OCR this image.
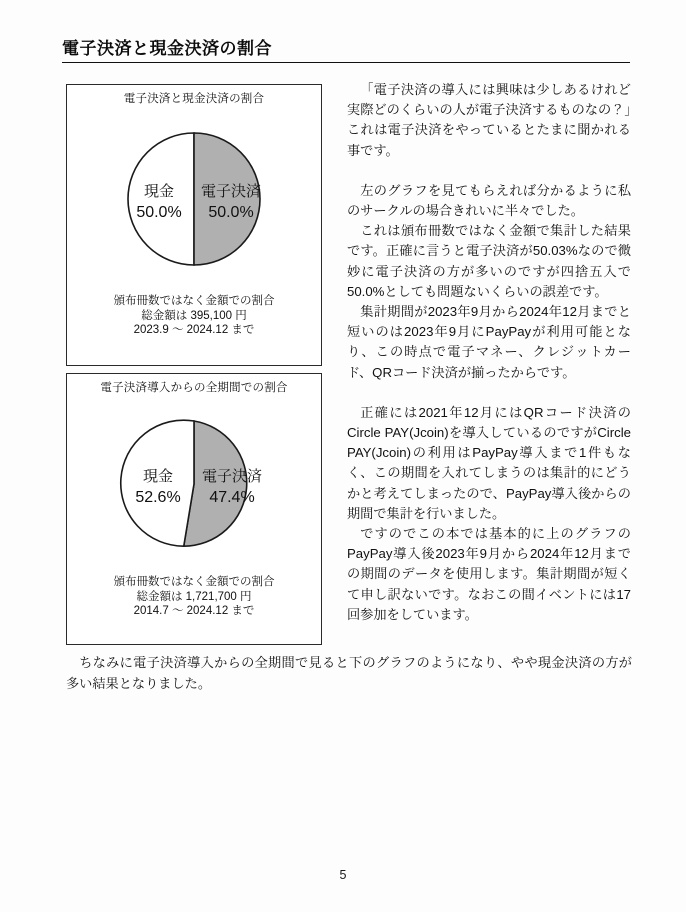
電子決済と現金決済の割合
電子決済と現金決済の割合
現金
50.0%
電子決済
50.0%
頒布冊数ではなく金額での割合
総金額は 395,100 円
2023.9 ～ 2024.12 まで
電子決済導入からの全期間での割合
現金
52.6%
電子決済
47.4%
頒布冊数ではなく金額での割合
総金額は 1,721,700 円
2014.7 ～ 2024.12 まで

「電子決済の導入には興味は少しあるけれど実際どのくらいの人が電子決済するものなの？」これは電子決済をやっているとたまに聞かれる事です。

左のグラフを見てもらえれば分かるように私のサークルの場合きれいに半々でした。

これは頒布冊数ではなく金額で集計した結果です。正確に言うと電子決済が50.03%なので微妙に電子決済の方が多いのですが四捨五入で50.0%としても問題ないくらいの誤差です。

集計期間が2023年9月から2024年12月までと短いのは2023年9月にPayPayが利用可能となり、この時点で電子マネー、クレジットカード、QRコード決済が揃ったからです。

正確には2021年12月にはQRコード決済のCircle PAY(Jcoin)を導入しているのですがCircle PAY(Jcoin)の利用はPayPay導入まで1件もなく、この期間を入れてしまうのは集計的にどうかと考えてしまったので、PayPay導入後からの期間で集計を行いました。

ですのでこの本では基本的に上のグラフのPayPay導入後2023年9月から2024年12月までの期間のデータを使用します。集計期間が短くて申し訳ないです。なおこの間イベントには17回参加をしています。

ちなみに電子決済導入からの全期間で見ると下のグラフのようになり、やや現金決済の方が多い結果となりました。

5
